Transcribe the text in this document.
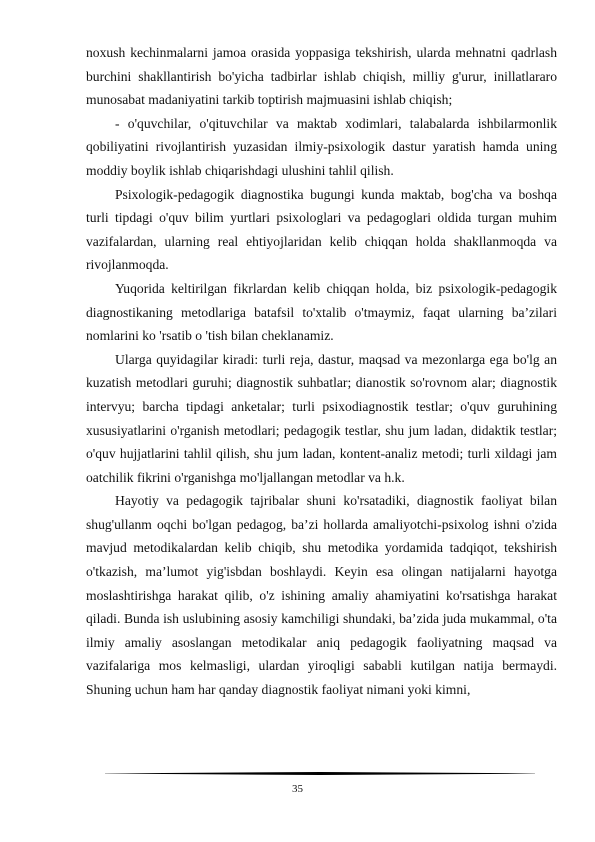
noxush kechinmalarni jamoa orasida yoppasiga tekshirish, ularda mehnatni qadrlash burchini shakllantirish bo'yicha tadbirlar ishlab chiqish, milliy g'urur, inillatlararo munosabat madaniyatini tarkib toptirish majmuasini ishlab chiqish;

- o'quvchilar, o'qituvchilar va maktab xodimlari, talabalarda ishbilarmonlik qobiliyatini rivojlantirish yuzasidan ilmiy-psixologik dastur yaratish hamda uning moddiy boylik ishlab chiqarishdagi ulushini tahlil qilish.

Psixologik-pedagogik diagnostika bugungi kunda maktab, bog'cha va boshqa turli tipdagi o'quv bilim yurtlari psixologlari va pedagoglari oldida turgan muhim vazifalardan, ularning real ehtiyojlaridan kelib chiqqan holda shakllanmoqda va rivojlanmoqda.

Yuqorida keltirilgan fikrlardan kelib chiqqan holda, biz psixologik-pedagogik diagnostikaning metodlariga batafsil to'xtalib o'tmaymiz, faqat ularning ba’zilari nomlarini ko 'rsatib o 'tish bilan cheklanamiz.

Ularga quyidagilar kiradi: turli reja, dastur, maqsad va mezonlarga ega bo'lg an kuzatish metodlari guruhi; diagnostik suhbatlar; dianostik so'rovnom alar; diagnostik intervyu; barcha tipdagi anketalar; turli psixodiagnostik testlar; o'quv guruhining xususiyatlarini o'rganish metodlari; pedagogik testlar, shu jum ladan, didaktik testlar; o'quv hujjatlarini tahlil qilish, shu jum ladan, kontent-analiz metodi; turli xildagi jam oatchilik fikrini o'rganishga mo'ljallangan metodlar va h.k.

Hayotiy va pedagogik tajribalar shuni ko'rsatadiki, diagnostik faoliyat bilan shug'ullanm oqchi bo'lgan pedagog, ba’zi hollarda amaliyotchi-psixolog ishni o'zida mavjud metodikalardan kelib chiqib, shu metodika yordamida tadqiqot, tekshirish o'tkazish, ma’lumot yig'isbdan boshlaydi. Keyin esa olingan natijalarni hayotga moslashtirishga harakat qilib, o'z ishining amaliy ahamiyatini ko'rsatishga harakat qiladi. Bunda ish uslubining asosiy kamchiligi shundaki, ba’zida juda mukammal, o'ta ilmiy amaliy asoslangan metodikalar aniq pedagogik faoliyatning maqsad va vazifalariga mos kelmasligi, ulardan yiroqligi sababli kutilgan natija bermaydi. Shuning uchun ham har qanday diagnostik faoliyat nimani yoki kimni,

35
